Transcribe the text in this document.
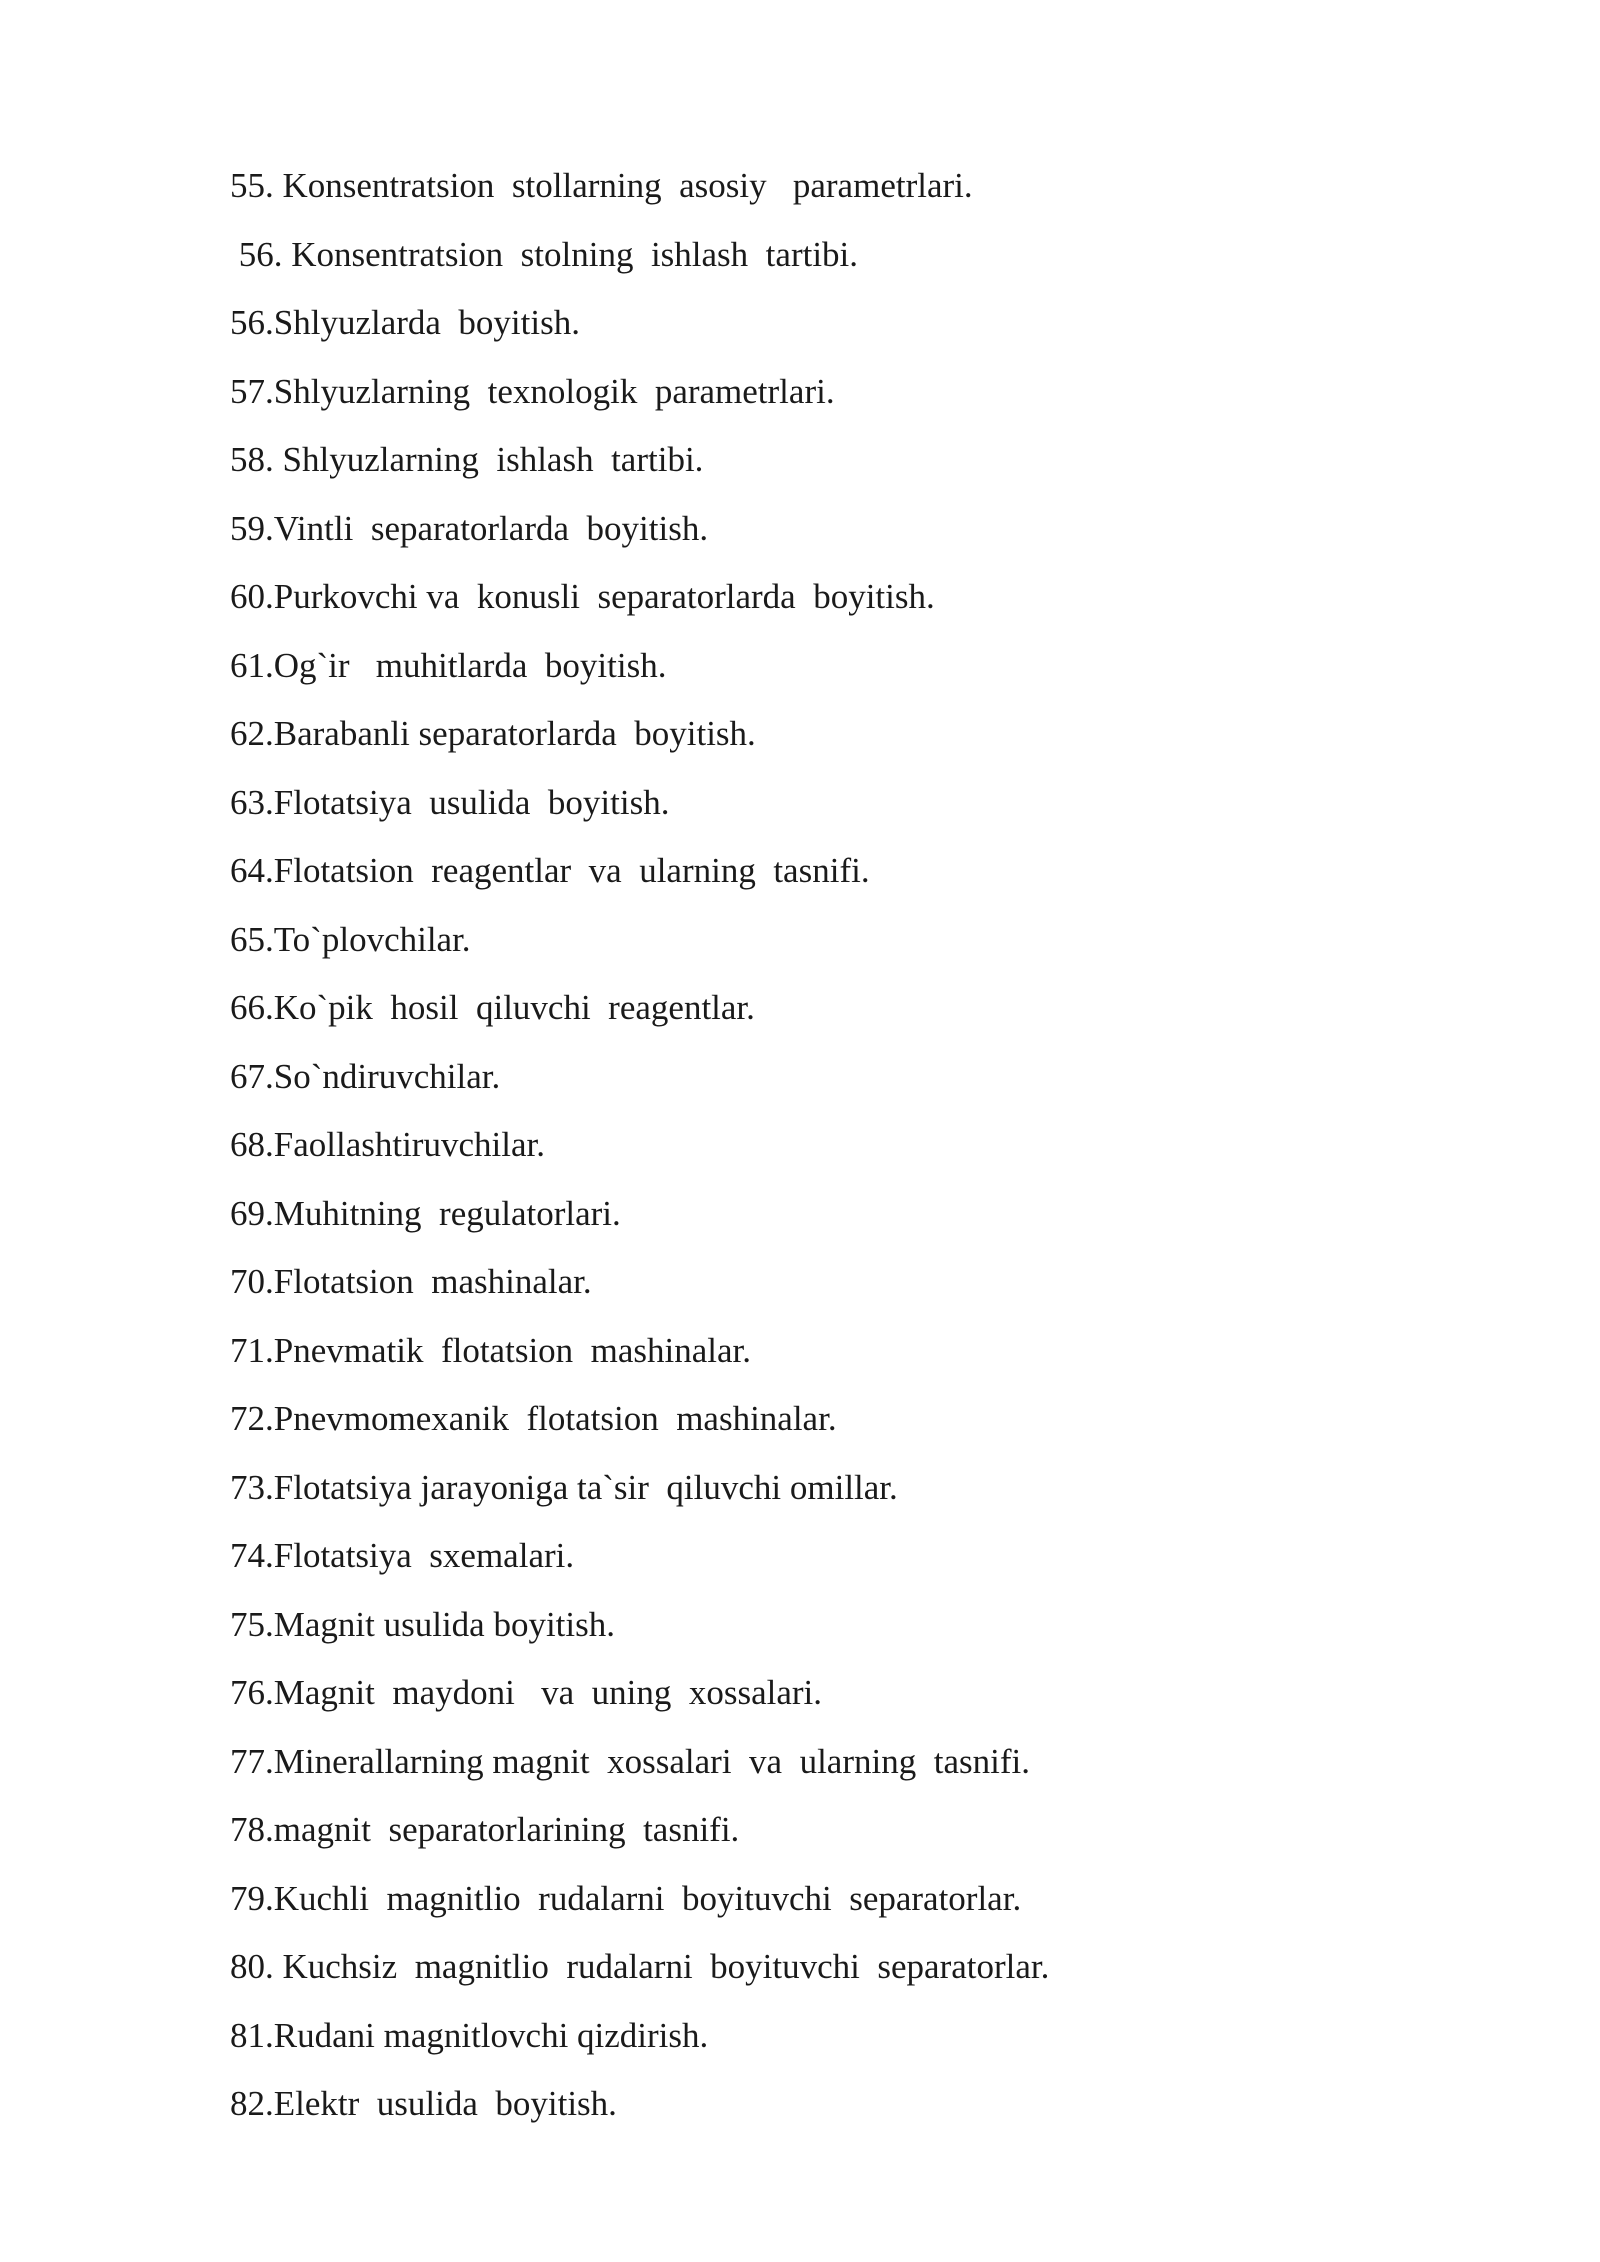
55. Konsentratsion  stollarning  asosiy   parametrlari.
56. Konsentratsion  stolning  ishlash  tartibi.
56.Shlyuzlarda  boyitish.
57.Shlyuzlarning  texnologik  parametrlari.
58. Shlyuzlarning  ishlash  tartibi.
59.Vintli  separatorlarda  boyitish.
60.Purkovchi va  konusli  separatorlarda  boyitish.
61.Og`ir   muhitlarda  boyitish.
62.Barabanli separatorlarda  boyitish.
63.Flotatsiya  usulida  boyitish.
64.Flotatsion  reagentlar  va  ularning  tasnifi.
65.To`plovchilar.
66.Ko`pik  hosil  qiluvchi  reagentlar.
67.So`ndiruvchilar.
68.Faollashtiruvchilar.
69.Muhitning  regulatorlari.
70.Flotatsion  mashinalar.
71.Pnevmatik  flotatsion  mashinalar.
72.Pnevmomexanik  flotatsion  mashinalar.
73.Flotatsiya jarayoniga ta`sir  qiluvchi omillar.
74.Flotatsiya  sxemalari.
75.Magnit usulida boyitish.
76.Magnit  maydoni   va  uning  xossalari.
77.Minerallarning magnit  xossalari  va  ularning  tasnifi.
78.magnit  separatorlarining  tasnifi.
79.Kuchli  magnitlio  rudalarni  boyituvchi  separatorlar.
80. Kuchsiz  magnitlio  rudalarni  boyituvchi  separatorlar.
81.Rudani magnitlovchi qizdirish.
82.Elektr  usulida  boyitish.
